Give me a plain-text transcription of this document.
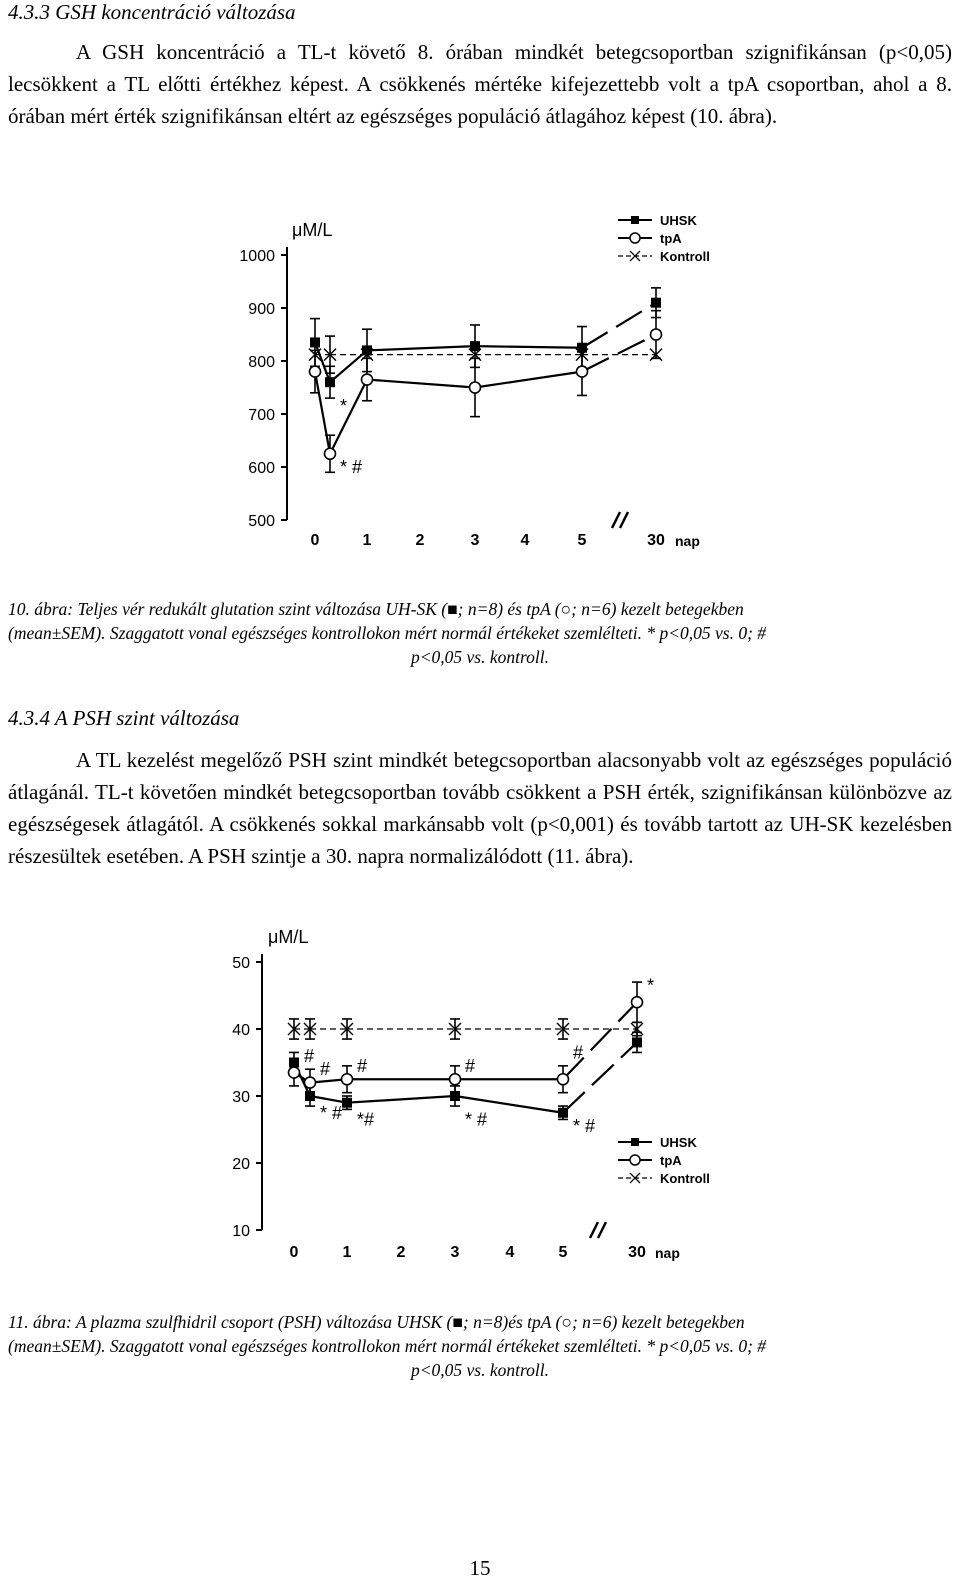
4.3.3 GSH koncentráció változása

A GSH koncentráció a TL-t követő 8. órában mindkét betegcsoportban szignifikánsan (p<0,05) lecsökkent a TL előtti értékhez képest. A csökkenés mértéke kifejezettebb volt a tpA csoportban, ahol a 8. órában mért érték szignifikánsan eltért az egészséges populáció átlagához képest (10. ábra).

1000
900
800
700
600
500
μM/L
0	1	2	3	4	5	30 nap
*
* #
UHSK
tpA
Kontroll

10. ábra: Teljes vér redukált glutation szint változása UH-SK (■; n=8) és tpA (○; n=6) kezelt betegekben
(mean±SEM). Szaggatott vonal egészséges kontrollokon mért normál értékeket szemlélteti. * p<0,05 vs. 0; #
p<0,05 vs. kontroll.

4.3.4 A PSH szint változása

A TL kezelést megelőző PSH szint mindkét betegcsoportban alacsonyabb volt az egészséges populáció átlagánál. TL-t követően mindkét betegcsoportban tovább csökkent a PSH érték, szignifikánsan különbözve az egészségesek átlagától. A csökkenés sokkal markánsabb volt (p<0,001) és tovább tartott az UH-SK kezelésben részesültek esetében. A PSH szintje a 30. napra normalizálódott (11. ábra).

50
40
30
20
10
μM/L
0	1	2	3	4	5	30 nap
#
# #	#
#
*
* # *#	* #	* #
UHSK
tpA
Kontroll

11. ábra: A plazma szulfhidril csoport (PSH) változása UHSK (■; n=8)és tpA (○; n=6) kezelt betegekben
(mean±SEM). Szaggatott vonal egészséges kontrollokon mért normál értékeket szemlélteti. * p<0,05 vs. 0; #
p<0,05 vs. kontroll.

15
